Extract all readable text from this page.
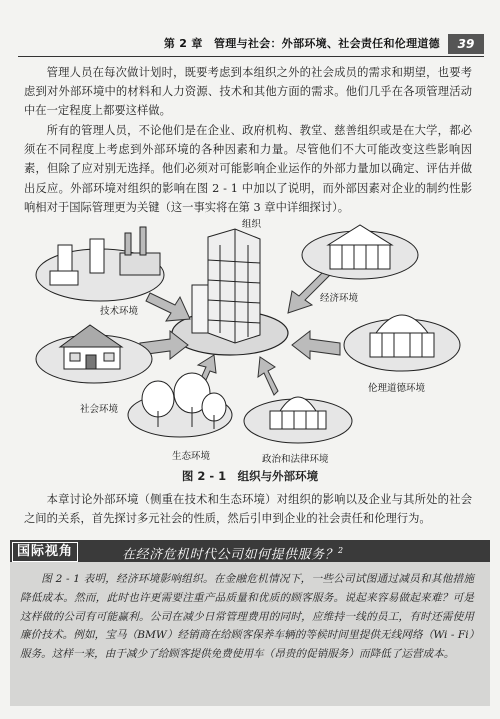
第 2 章　管理与社会：外部环境、社会责任和伦理道德	39

管理人员在每次做计划时，既要考虑到本组织之外的社会成员的需求和期望，也要考虑到对外部环境中的材料和人力资源、技术和其他方面的需求。他们几乎在各项管理活动中在一定程度上都要这样做。

所有的管理人员，不论他们是在企业、政府机构、教堂、慈善组织或是在大学，都必须在不同程度上考虑到外部环境的各种因素和力量。尽管他们不大可能改变这些影响因素，但除了应对别无选择。他们必须对可能影响企业运作的外部力量加以确定、评估并做出反应。外部环境对组织的影响在图 2 - 1 中加以了说明，而外部因素对企业的制约性影响相对于国际管理更为关键（这一事实将在第 3 章中详细探讨）。

组织
技术环境
经济环境
社会环境
伦理道德环境
生态环境	政治和法律环境
图 2 - 1　组织与外部环境

本章讨论外部环境（侧重在技术和生态环境）对组织的影响以及企业与其所处的社会之间的关系，首先探讨多元社会的性质，然后引申到企业的社会责任和伦理行为。

国际视角	在经济危机时代公司如何提供服务？$^2$

图 2 - 1 表明，经济环境影响组织。在金融危机情况下，一些公司试图通过减员和其他措施降低成本。然而，此时也许更需要注重产品质量和优质的顾客服务。说起来容易做起来难？可是这样做的公司有可能赢利。公司在减少日常管理费用的同时，应维持一线的员工，有时还需使用廉价技术。例如，宝马（BMW）经销商在给顾客保养车辆的等候时间里提供无线网络（Wi - Fi）服务。这样一来，由于减少了给顾客提供免费使用车（昂贵的促销服务）而降低了运营成本。
